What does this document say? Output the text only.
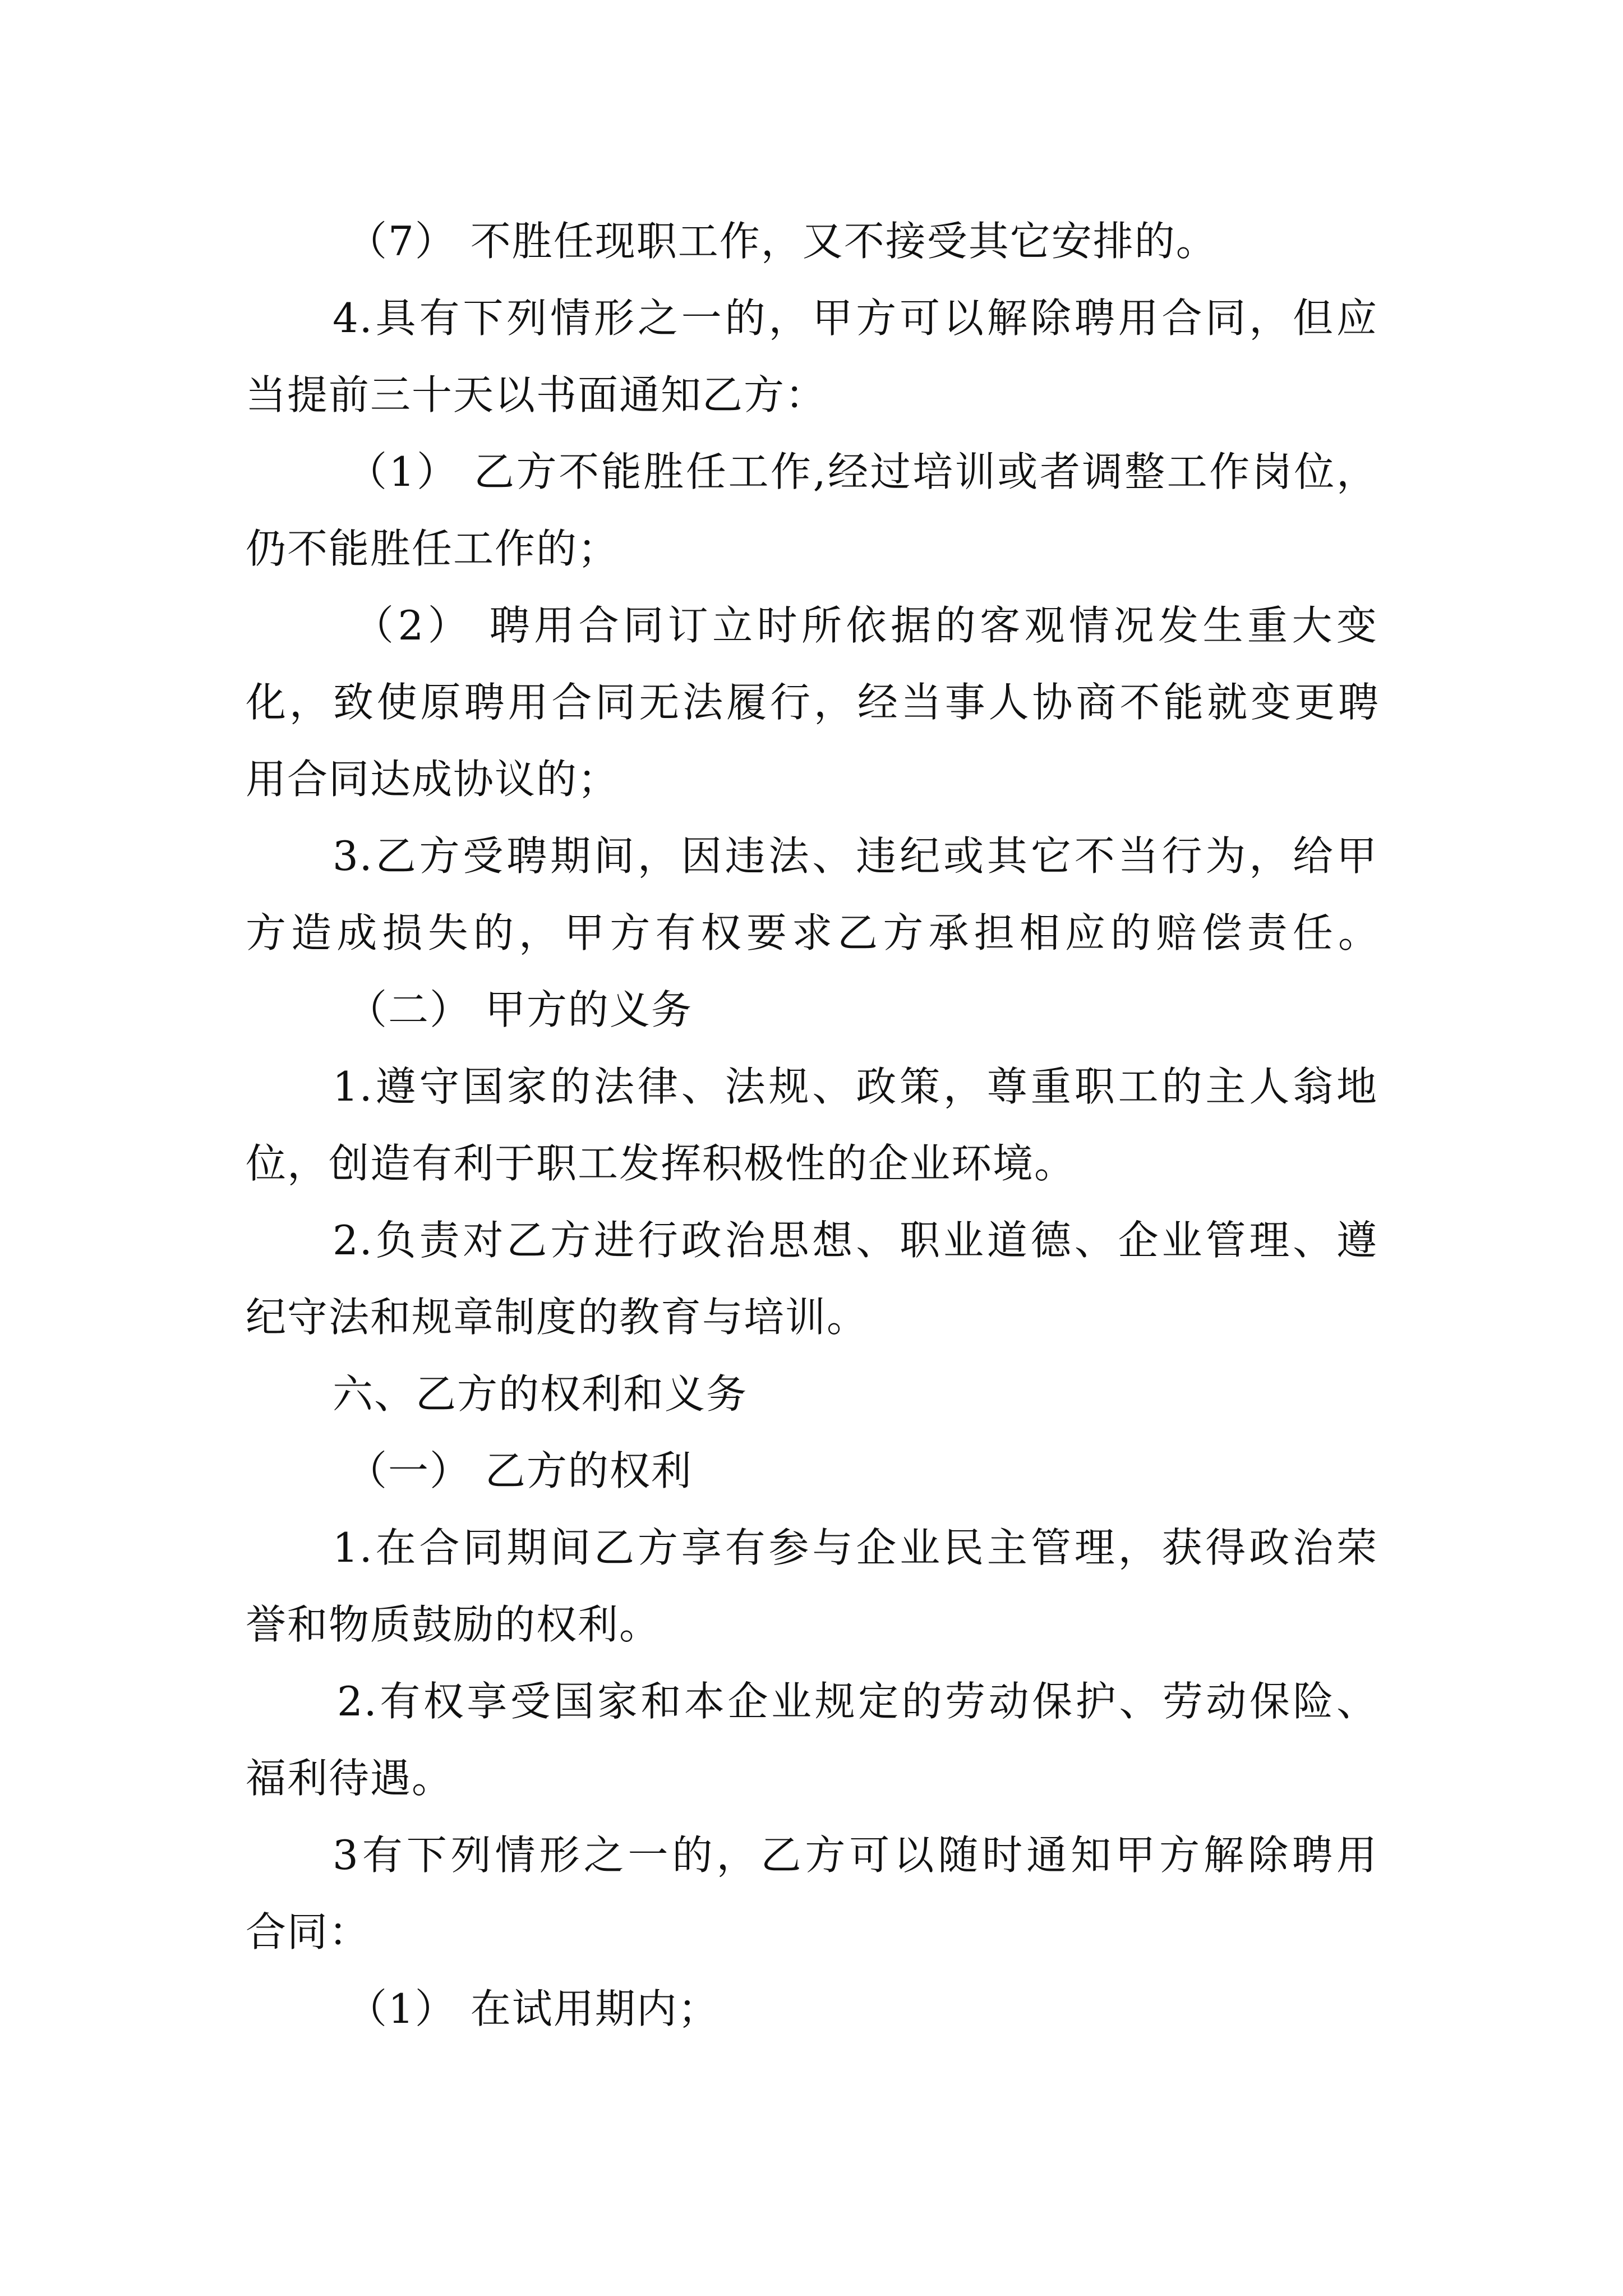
（7） 不胜任现职工作，又不接受其它安排的。

4.具有下列情形之一的，甲方可以解除聘用合同，但应

当提前三十天以书面通知乙方：

（1） 乙方不能胜任工作,经过培训或者调整工作岗位，

仍不能胜任工作的；

（2） 聘用合同订立时所依据的客观情况发生重大变

化，致使原聘用合同无法履行，经当事人协商不能就变更聘

用合同达成协议的；

3.乙方受聘期间，因违法、违纪或其它不当行为，给甲

方造成损失的，甲方有权要求乙方承担相应的赔偿责任。

（二） 甲方的义务

1.遵守国家的法律、法规、政策，尊重职工的主人翁地

位，创造有利于职工发挥积极性的企业环境。

2.负责对乙方进行政治思想、职业道德、企业管理、遵

纪守法和规章制度的教育与培训。

六、乙方的权利和义务

（一） 乙方的权利

1.在合同期间乙方享有参与企业民主管理，获得政治荣

誉和物质鼓励的权利。

2.有权享受国家和本企业规定的劳动保护、劳动保险、

福利待遇。

3有下列情形之一的，乙方可以随时通知甲方解除聘用

合同：

（1） 在试用期内；
